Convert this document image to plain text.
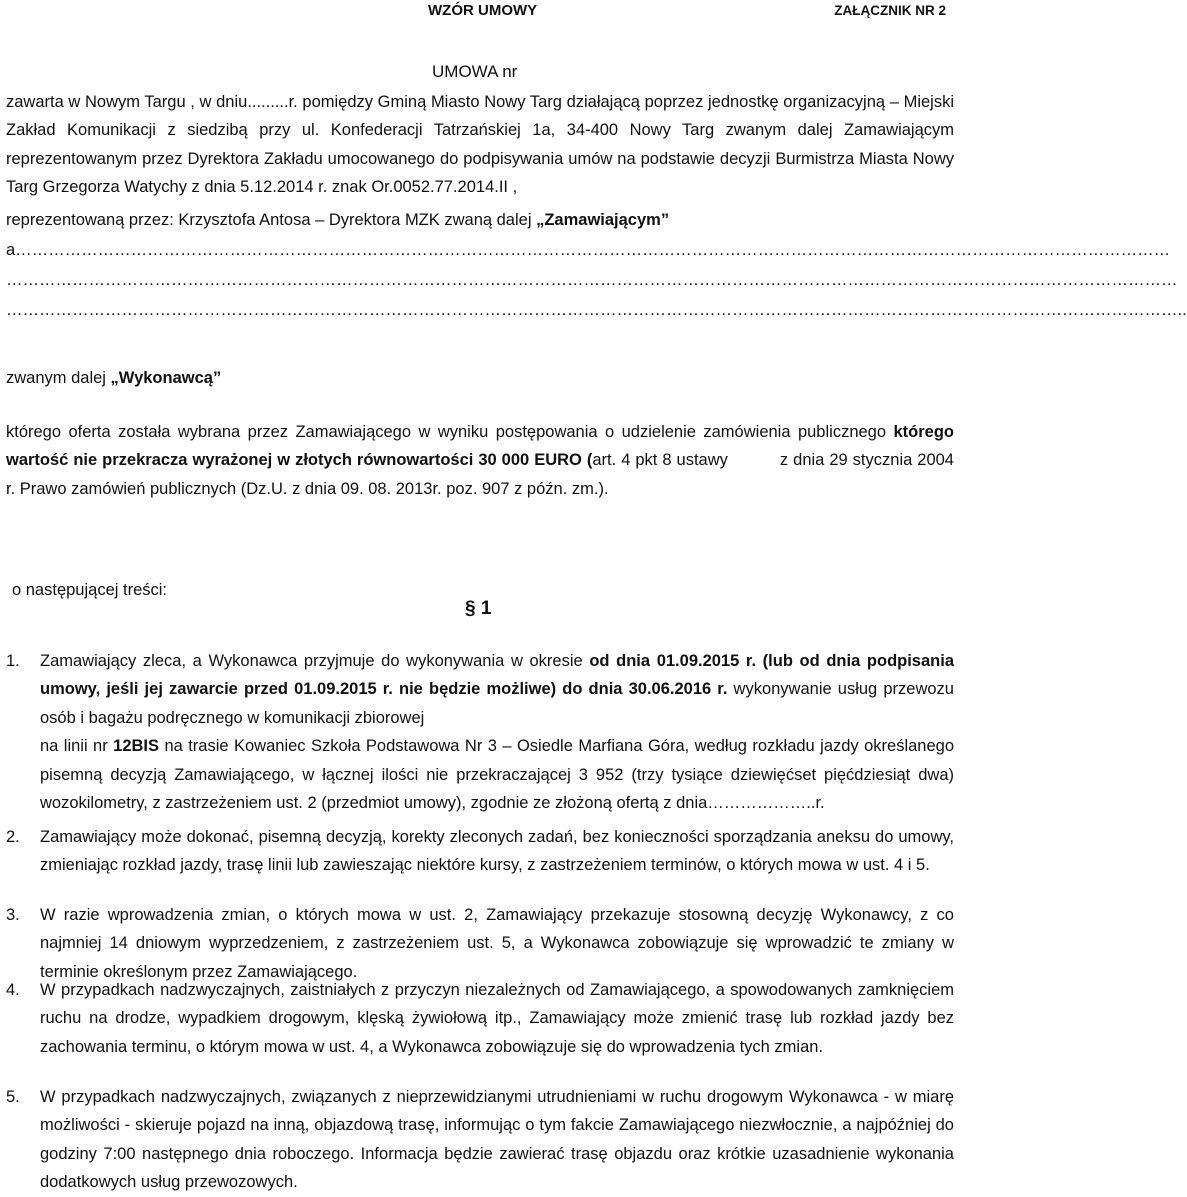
WZÓR UMOWY	ZAŁĄCZNIK NR 2
UMOWA nr
zawarta w Nowym Targu , w dniu.........r. pomiędzy Gminą Miasto Nowy Targ działającą poprzez jednostkę organizacyjną – Miejski Zakład Komunikacji z siedzibą przy ul. Konfederacji Tatrzańskiej 1a, 34-400 Nowy Targ zwanym dalej Zamawiającym reprezentowanym przez Dyrektora Zakładu umocowanego do podpisywania umów na podstawie decyzji Burmistrza Miasta Nowy Targ Grzegorza Watychy z dnia 5.12.2014 r. znak Or.0052.77.2014.II ,
reprezentowaną przez: Krzysztofa Antosa – Dyrektora MZK zwaną dalej „Zamawiającym”
a…………………………………………………………………………………………………………………………………………………………………………………………
……………………………………………………………………………………………………………………………………………………………………………………………
……………………………………………………………………………………………………………………………………………………………………………………………..
zwanym dalej „Wykonawcą”
którego oferta została wybrana przez Zamawiającego w wyniku postępowania o udzielenie zamówienia publicznego którego wartość nie przekracza wyrażonej w złotych równowartości 30 000 EURO (art. 4 pkt 8 ustawy	z dnia 29 stycznia 2004 r. Prawo zamówień publicznych (Dz.U. z dnia 09. 08. 2013r. poz. 907 z późn. zm.).
o następującej treści:
§ 1
1. Zamawiający zleca, a Wykonawca przyjmuje do wykonywania w okresie od dnia 01.09.2015 r. (lub od dnia podpisania umowy, jeśli jej zawarcie przed 01.09.2015 r. nie będzie możliwe) do dnia 30.06.2016 r. wykonywanie usług przewozu osób i bagażu podręcznego w komunikacji zbiorowej
na linii nr 12BIS na trasie Kowaniec Szkoła Podstawowa Nr 3 – Osiedle Marfiana Góra, według rozkładu jazdy określanego pisemną decyzją Zamawiającego, w łącznej ilości nie przekraczającej 3 952 (trzy tysiące dziewięćset pięćdziesiąt dwa) wozokilometry, z zastrzeżeniem ust. 2 (przedmiot umowy), zgodnie ze złożoną ofertą z dnia………………..r.
2. Zamawiający może dokonać, pisemną decyzją, korekty zleconych zadań, bez konieczności sporządzania aneksu do umowy, zmieniając rozkład jazdy, trasę linii lub zawieszając niektóre kursy, z zastrzeżeniem terminów, o których mowa w ust. 4 i 5.
3. W razie wprowadzenia zmian, o których mowa w ust. 2, Zamawiający przekazuje stosowną decyzję Wykonawcy, z co najmniej 14 dniowym wyprzedzeniem, z zastrzeżeniem ust. 5, a Wykonawca zobowiązuje się wprowadzić te zmiany w terminie określonym przez Zamawiającego.
4. W przypadkach nadzwyczajnych, zaistniałych z przyczyn niezależnych od Zamawiającego, a spowodowanych zamknięciem ruchu na drodze, wypadkiem drogowym, klęską żywiołową itp., Zamawiający może zmienić trasę lub rozkład jazdy bez zachowania terminu, o którym mowa w ust. 4, a Wykonawca zobowiązuje się do wprowadzenia tych zmian.
5. W przypadkach nadzwyczajnych, związanych z nieprzewidzianymi utrudnieniami w ruchu drogowym Wykonawca - w miarę możliwości - skieruje pojazd na inną, objazdową trasę, informując o tym fakcie Zamawiającego niezwłocznie, a najpóźniej do godziny 7:00 następnego dnia roboczego. Informacja będzie zawierać trasę objazdu oraz krótkie uzasadnienie wykonania dodatkowych usług przewozowych.
